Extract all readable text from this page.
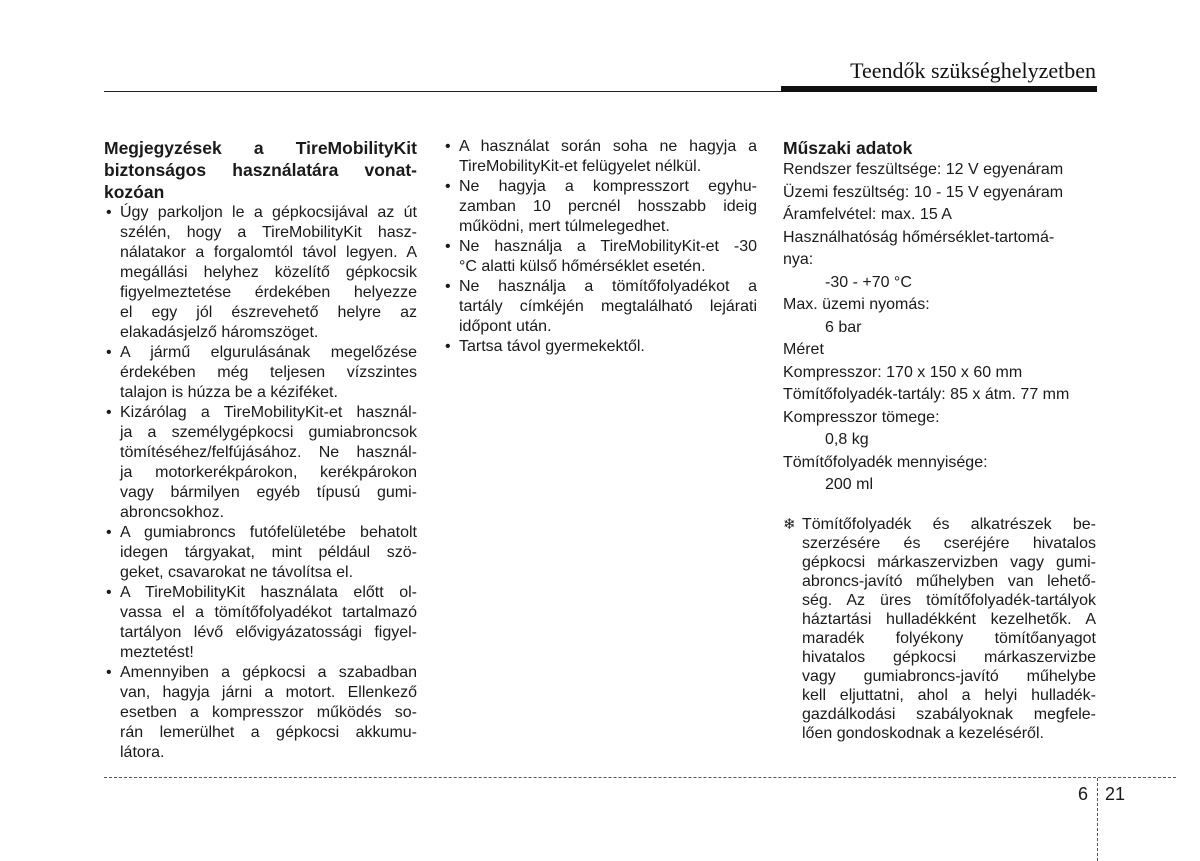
Teendők szükséghelyzetben
Megjegyzések a TireMobilityKit
biztonságos használatára vonat-
kozóan
• Úgy parkoljon le a gépkocsijával az út
szélén, hogy a TireMobilityKit hasz-
nálatakor a forgalomtól távol legyen. A
megállási helyhez közelítő gépkocsik
figyelmeztetése érdekében helyezze
el egy jól észrevehető helyre az
elakadásjelző háromszöget.
• A jármű elgurulásának megelőzése
érdekében még teljesen vízszintes
talajon is húzza be a kéziféket.
• Kizárólag a TireMobilityKit-et használ-
ja a személygépkocsi gumiabroncsok
tömítéséhez/felfújásához. Ne használ-
ja motorkerékpárokon, kerékpárokon
vagy bármilyen egyéb típusú gumi-
abroncsokhoz.
• A gumiabroncs futófelületébe behatolt
idegen tárgyakat, mint például szö-
geket, csavarokat ne távolítsa el.
• A TireMobilityKit használata előtt ol-
vassa el a tömítőfolyadékot tartalmazó
tartályon lévő elővigyázatossági figyel-
meztetést!
• Amennyiben a gépkocsi a szabadban
van, hagyja járni a motort. Ellenkező
esetben a kompresszor működés so-
rán lemerülhet a gépkocsi akkumu-
látora.
• A használat során soha ne hagyja a
TireMobilityKit-et felügyelet nélkül.
• Ne hagyja a kompresszort egyhu-
zamban 10 percnél hosszabb ideig
működni, mert túlmelegedhet.
• Ne használja a TireMobilityKit-et -30
°C alatti külső hőmérséklet esetén.
• Ne használja a tömítőfolyadékot a
tartály címkéjén megtalálható lejárati
időpont után.
• Tartsa távol gyermekektől.
Műszaki adatok
Rendszer feszültsége: 12 V egyenáram
Üzemi feszültség: 10 - 15 V egyenáram
Áramfelvétel: max. 15 A
Használhatóság hőmérséklet-tartomá-
nya:
-30 - +70 °C
Max. üzemi nyomás:
6 bar
Méret
Kompresszor: 170 x 150 x 60 mm
Tömítőfolyadék-tartály: 85 x átm. 77 mm
Kompresszor tömege:
0,8 kg
Tömítőfolyadék mennyisége:
200 ml
❄ Tömítőfolyadék és alkatrészek be-
szerzésére és cseréjére hivatalos
gépkocsi márkaszervizben vagy gumi-
abroncs-javító műhelyben van lehető-
ség. Az üres tömítőfolyadék-tartályok
háztartási hulladékként kezelhetők. A
maradék folyékony tömítőanyagot
hivatalos gépkocsi márkaszervizbe
vagy gumiabroncs-javító műhelybe
kell eljuttatni, ahol a helyi hulladék-
gazdálkodási szabályoknak megfele-
lően gondoskodnak a kezeléséről.
6 21
